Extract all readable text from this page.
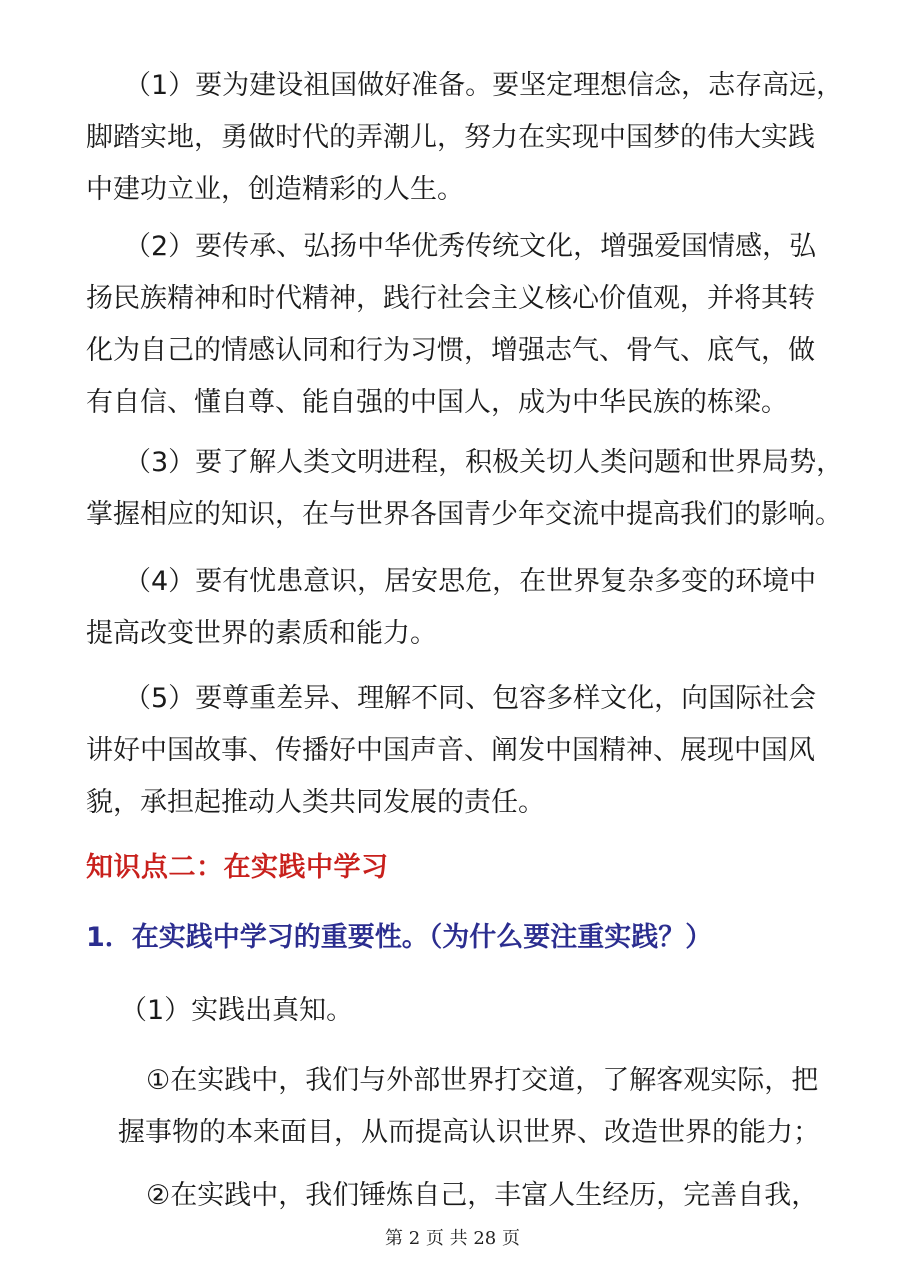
（1）要为建设祖国做好准备。要坚定理想信念，志存高远，
脚踏实地，勇做时代的弄潮儿，努力在实现中国梦的伟大实践
中建功立业，创造精彩的人生。
（2）要传承、弘扬中华优秀传统文化，增强爱国情感，弘
扬民族精神和时代精神，践行社会主义核心价值观，并将其转
化为自己的情感认同和行为习惯，增强志气、骨气、底气，做
有自信、懂自尊、能自强的中国人，成为中华民族的栋梁。
（3）要了解人类文明进程，积极关切人类问题和世界局势，
掌握相应的知识，在与世界各国青少年交流中提高我们的影响。
（4）要有忧患意识，居安思危，在世界复杂多变的环境中
提高改变世界的素质和能力。
（5）要尊重差异、理解不同、包容多样文化，向国际社会
讲好中国故事、传播好中国声音、阐发中国精神、展现中国风
貌，承担起推动人类共同发展的责任。
知识点二：在实践中学习
1．在实践中学习的重要性。（为什么要注重实践？）

（1）实践出真知。

①在实践中，我们与外部世界打交道，了解客观实际，把
握事物的本来面目，从而提高认识世界、改造世界的能力；
②在实践中，我们锤炼自己，丰富人生经历，完善自我，
第 2 页 共 28 页
